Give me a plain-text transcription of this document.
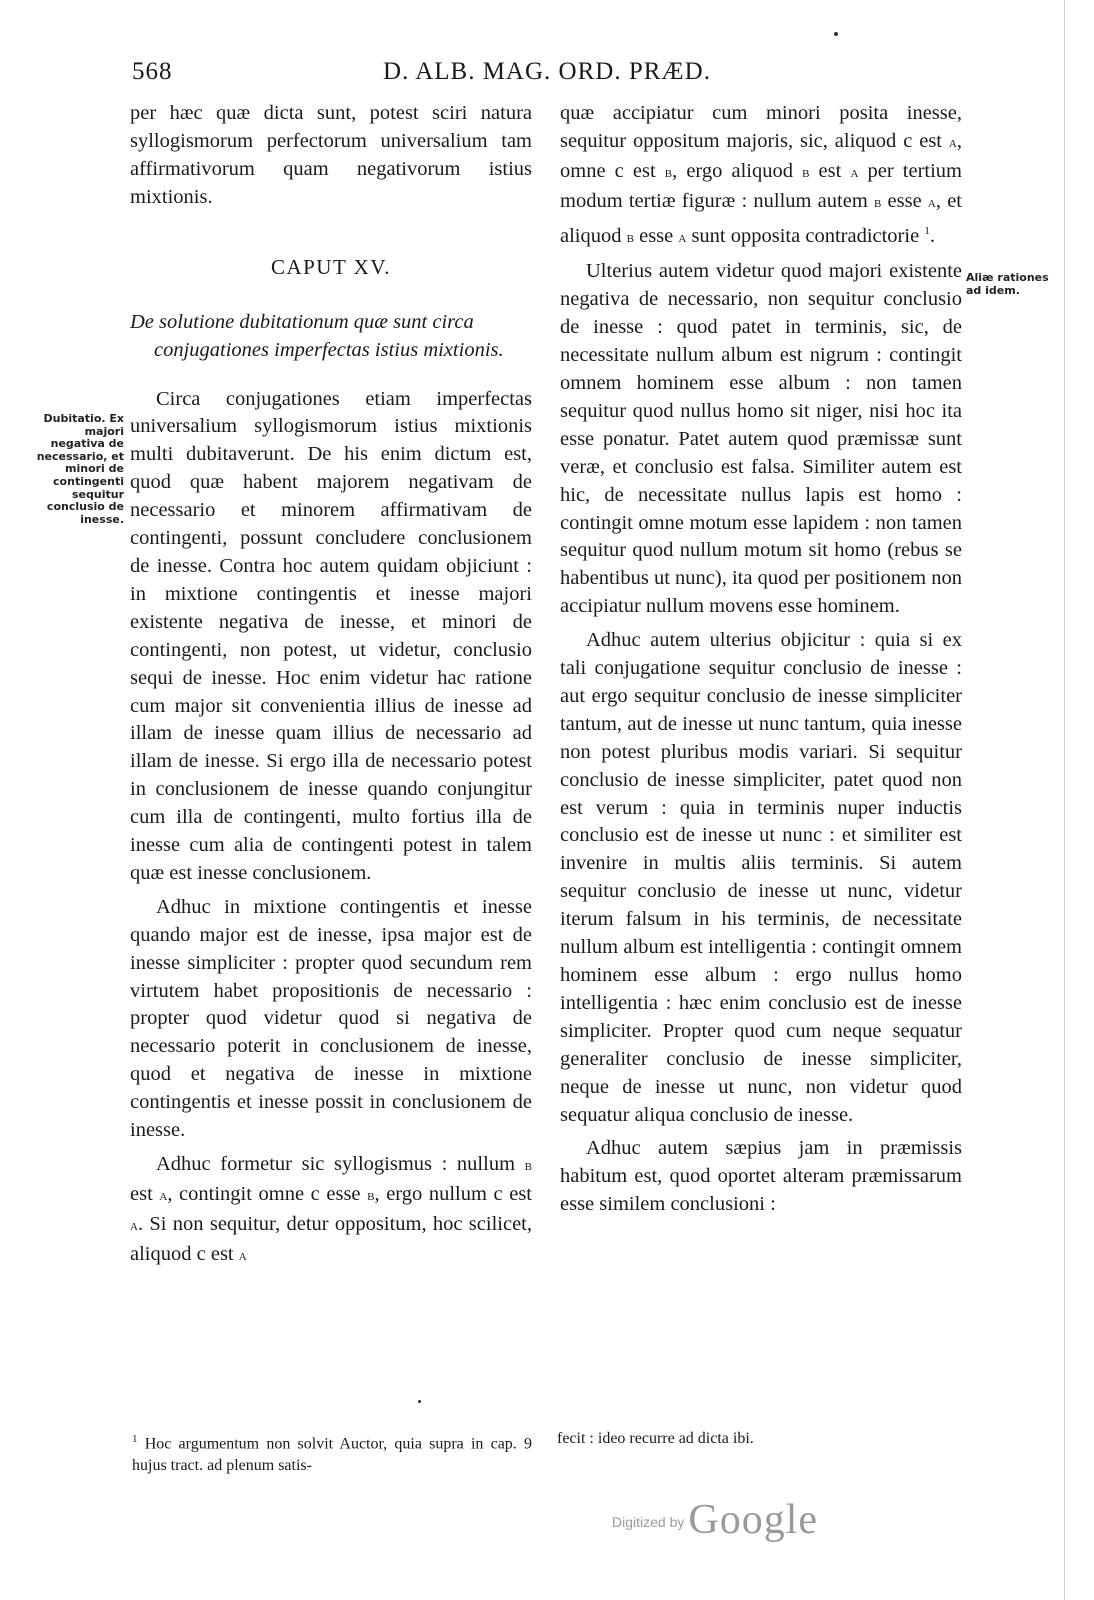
568	D. ALB. MAG. ORD. PRÆD.

per hæc quæ dicta sunt, potest sciri natura syllogismorum perfectorum universalium tam affirmativorum quam negativorum istius mixtionis.

CAPUT XV.

De solutione dubitationum quæ sunt circa conjugationes imperfectas istius mixtionis.

Circa conjugationes etiam imperfectas universalium syllogismorum istius mixtionis multi dubitaverunt. De his enim dictum est, quod quæ habent majorem negativam de necessario et minorem affirmativam de contingenti, possunt concludere conclusionem de inesse. Contra hoc autem quidam objiciunt : in mixtione contingentis et inesse majori existente negativa de inesse, et minori de contingenti, non potest, ut videtur, conclusio sequi de inesse. Hoc enim videtur hac ratione cum major sit convenientia illius de inesse ad illam de inesse quam illius de necessario ad illam de inesse. Si ergo illa de necessario potest in conclusionem de inesse quando conjungitur cum illa de contingenti, multo fortius illa de inesse cum alia de contingenti potest in talem quæ est inesse conclusionem.

Adhuc in mixtione contingentis et inesse quando major est de inesse, ipsa major est de inesse simpliciter : propter quod secundum rem virtutem habet propositionis de necessario : propter quod videtur quod si negativa de necessario poterit in conclusionem de inesse, quod et negativa de inesse in mixtione contingentis et inesse possit in conclusionem de inesse.

Adhuc formetur sic syllogismus : nullum b est a, contingit omne c esse b, ergo nullum c est a. Si non sequitur, detur oppositum, hoc scilicet, aliquod c est a

quæ accipiatur cum minori posita inesse, sequitur oppositum majoris, sic, aliquod c est a, omne c est b, ergo aliquod b est a per tertium modum tertiæ figuræ : nullum autem b esse a, et aliquod b esse a sunt opposita contradictorie $^1$.

Ulterius autem videtur quod majori existente negativa de necessario, non sequitur conclusio de inesse : quod patet in terminis, sic, de necessitate nullum album est nigrum : contingit omnem hominem esse album : non tamen sequitur quod nullus homo sit niger, nisi hoc ita esse ponatur. Patet autem quod præmissæ sunt veræ, et conclusio est falsa. Similiter autem est hic, de necessitate nullus lapis est homo : contingit omne motum esse lapidem : non tamen sequitur quod nullum motum sit homo (rebus se habentibus ut nunc), ita quod per positionem non accipiatur nullum movens esse hominem.

Adhuc autem ulterius objicitur : quia si ex tali conjugatione sequitur conclusio de inesse : aut ergo sequitur conclusio de inesse simpliciter tantum, aut de inesse ut nunc tantum, quia inesse non potest pluribus modis variari. Si sequitur conclusio de inesse simpliciter, patet quod non est verum : quia in terminis nuper inductis conclusio est de inesse ut nunc : et similiter est invenire in multis aliis terminis. Si autem sequitur conclusio de inesse ut nunc, videtur iterum falsum in his terminis, de necessitate nullum album est intelligentia : contingit omnem hominem esse album : ergo nullus homo intelligentia : hæc enim conclusio est de inesse simpliciter. Propter quod cum neque sequatur generaliter conclusio de inesse simpliciter, neque de inesse ut nunc, non videtur quod sequatur aliqua conclusio de inesse.

Adhuc autem sæpius jam in præmissis habitum est, quod oportet alteram præmissarum esse similem conclusioni :

Dubitatio. Ex majori negativa de necessario, et minori de contingenti sequitur conclusio de inesse.
Aliæ rationes ad idem.
$^1$ Hoc argumentum non solvit Auctor, quia supra in cap. 9 hujus tract. ad plenum satis-
fecit : ideo recurre ad dicta ibi.
Digitized byGoogle
